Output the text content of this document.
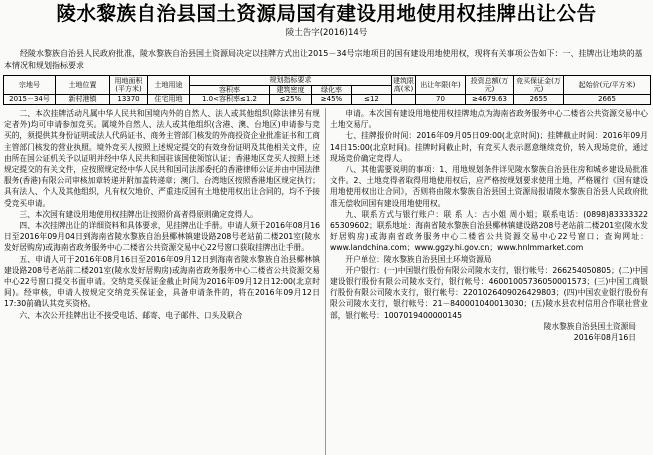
陵水黎族自治县国土资源局国有建设用地使用权挂牌出让公告
陵土告字(2016)14号

经陵水黎族自治县人民政府批准，陵水黎族自治县国土资源局决定以挂牌方式出让2015－34号宗地项目的国有建设用地使用权，现将有关事项公告如下：一、挂牌出让地块的基本情况和规划指标要求

宗地号	土地位置	用地面积(平方米)	土地用途	规划指标要求				建筑限高(米)	出让年限(年)	投资总额(万元)	竞买保证金(万元)	起始价(元/平方米)
				容积率	建筑密度	绿化率						
2015－34号	新村港镇	13370	住宅用地	1.0<容积率≤1.2	≤25%	≥45%	≤12		70	≥4679.63	2655	2665

二、本次挂牌活动凡属中华人民共和国境内外的自然人、法人或其他组织(除法律另有规定者外)均可申请参加竞买。属境外自然人、法人或其他组织(含港、澳、台地区)申请参与竞买的，须提供其身份证明或法人代码证书、商务主管部门核发的外商投资企业批准证书和工商主管部门核发的营业执照。境外竞买人按照上述规定提交的有效身份证明及其他相关文件，应由所在国公证机关予以证明并经中华人民共和国驻该国使领馆认证；香港地区竞买人按照上述规定提交的有关文件，应按照规定经中华人民共和国司法部委托的香港律师公证并由中国法律服务(香港)有限公司审核加章转递并附加盖转递章；澳门、台湾地区按照香港地区规定执行；具有法人、个人及其他组织，凡有权欠地价、严重违反国有土地使用权出让合同的，均不予接受竞买申请。

三、本次国有建设用地使用权挂牌出让按照价高者得原则确定竞得人。

四、本次挂牌出让的详细资料和具体要求，见挂牌出让手册。申请人须于2016年08月16日至2016年09月04日到海南省陵水黎族自治县椰林镇建设路208号老站前二楼201室(陵水发好居购房)或海南省政务服务中心二楼省公共资源交易中心22号窗口获取挂牌出让手册。

五、申请人可于2016年08月16日至2016年09月12日到海南省陵水黎族自治县椰林镇建设路208号老站前二楼201室(陵水发好居购房)或海南省政务服务中心二楼省公共资源交易中心22号窗口提交书面申请。交纳竞买保证金截止时间为2016年09月12日12:00(北京时间)。经审核，申请人按规定交纳竞买保证金，具备申请条件的，将在2016年09月12日17:30前确认其竞买资格。

六、本次公开挂牌出让不接受电话、邮寄、电子邮件、口头及联合

申请。本次国有建设用地使用权挂牌地点为海南省政务服务中心二楼省公共资源交易中心土地交易厅。

七、挂牌报价时间：2016年09月05日09:00(北京时间)；挂牌截止时间：2016年09月14日15:00(北京时间)。挂牌时间截止时，有竞买人表示愿意继续竞价，转入现场竞价，通过现场竞价确定竞得人。

八、其他需要说明的事项：1、用地规划条件详见陵水黎族自治县住房和城乡建设局批准文件。2、土地竞得者取得用地使用权后，应严格按规划要求使用土地，严格履行《国有建设用地使用权出让合同》，否则将由陵水黎族自治县国土资源局报请陵水黎族自治县人民政府批准无偿收回国有建设用地使用权。

九、联系方式与银行账户：联 系 人：古小姐 周小姐；联系电话：(0898)83333322 65309602；联系地址：海南省陵水黎族自治县椰林镇建设路208号老站前二楼201室(陵水发好居购房)或海南省政务服务中心二楼省公共资源交易中心22号窗口；查询网址：www.landchina.com；www.ggzy.hi.gov.cn；www.hnlmmarket.com

开户单位：陵水黎族自治县国土环境资源局

开户银行：(一)中国银行股份有限公司陵水支行，银行帐号：266254050805；(二)中国建设银行股份有限公司陵水支行，银行帐号：46001005736050001573；(三)中国工商银行股份有限公司陵水支行，银行帐号：2201026409026429803；(四)中国农业银行股份有限公司陵水支行，银行帐号：21－840001040013030；(五)陵水县农村信用合作联社营业部，银行帐号：1007019400000145

陵水黎族自治县国土资源局

2016年08月16日
